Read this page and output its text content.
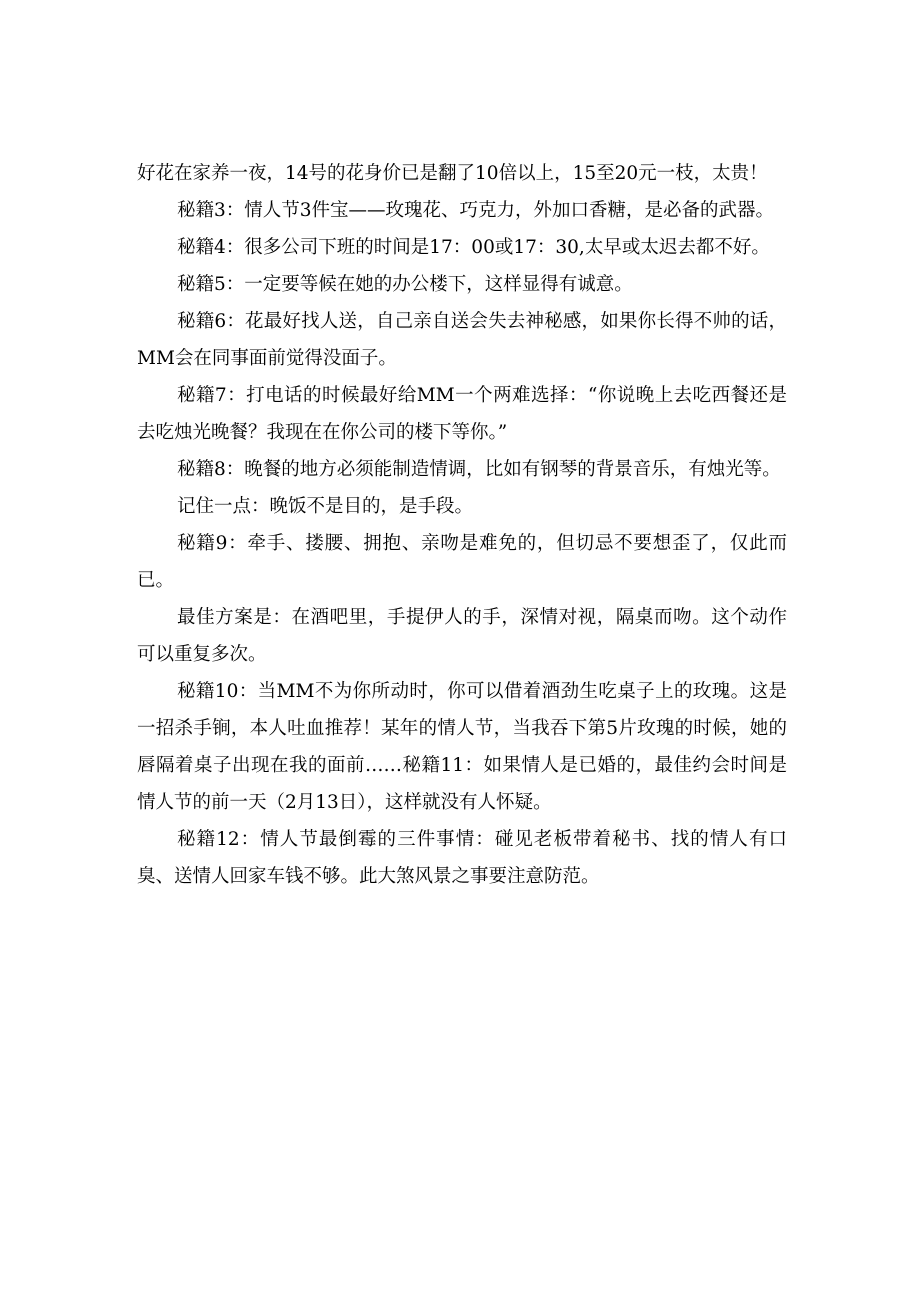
好花在家养一夜，14号的花身价已是翻了10倍以上，15至20元一枝，太贵！

秘籍3：情人节3件宝——玫瑰花、巧克力，外加口香糖，是必备的武器。

秘籍4：很多公司下班的时间是17：00或17：30,太早或太迟去都不好。

秘籍5：一定要等候在她的办公楼下，这样显得有诚意。

秘籍6：花最好找人送，自己亲自送会失去神秘感，如果你长得不帅的话，MM会在同事面前觉得没面子。

秘籍7：打电话的时候最好给MM一个两难选择：“你说晚上去吃西餐还是去吃烛光晚餐？我现在在你公司的楼下等你。”

秘籍8：晚餐的地方必须能制造情调，比如有钢琴的背景音乐，有烛光等。

记住一点：晚饭不是目的，是手段。

秘籍9：牵手、搂腰、拥抱、亲吻是难免的，但切忌不要想歪了，仅此而已。

最佳方案是：在酒吧里，手提伊人的手，深情对视，隔桌而吻。这个动作可以重复多次。

秘籍10：当MM不为你所动时，你可以借着酒劲生吃桌子上的玫瑰。这是一招杀手锏，本人吐血推荐！某年的情人节，当我吞下第5片玫瑰的时候，她的唇隔着桌子出现在我的面前……秘籍11：如果情人是已婚的，最佳约会时间是情人节的前一天（2月13日），这样就没有人怀疑。

秘籍12：情人节最倒霉的三件事情：碰见老板带着秘书、找的情人有口臭、送情人回家车钱不够。此大煞风景之事要注意防范。
